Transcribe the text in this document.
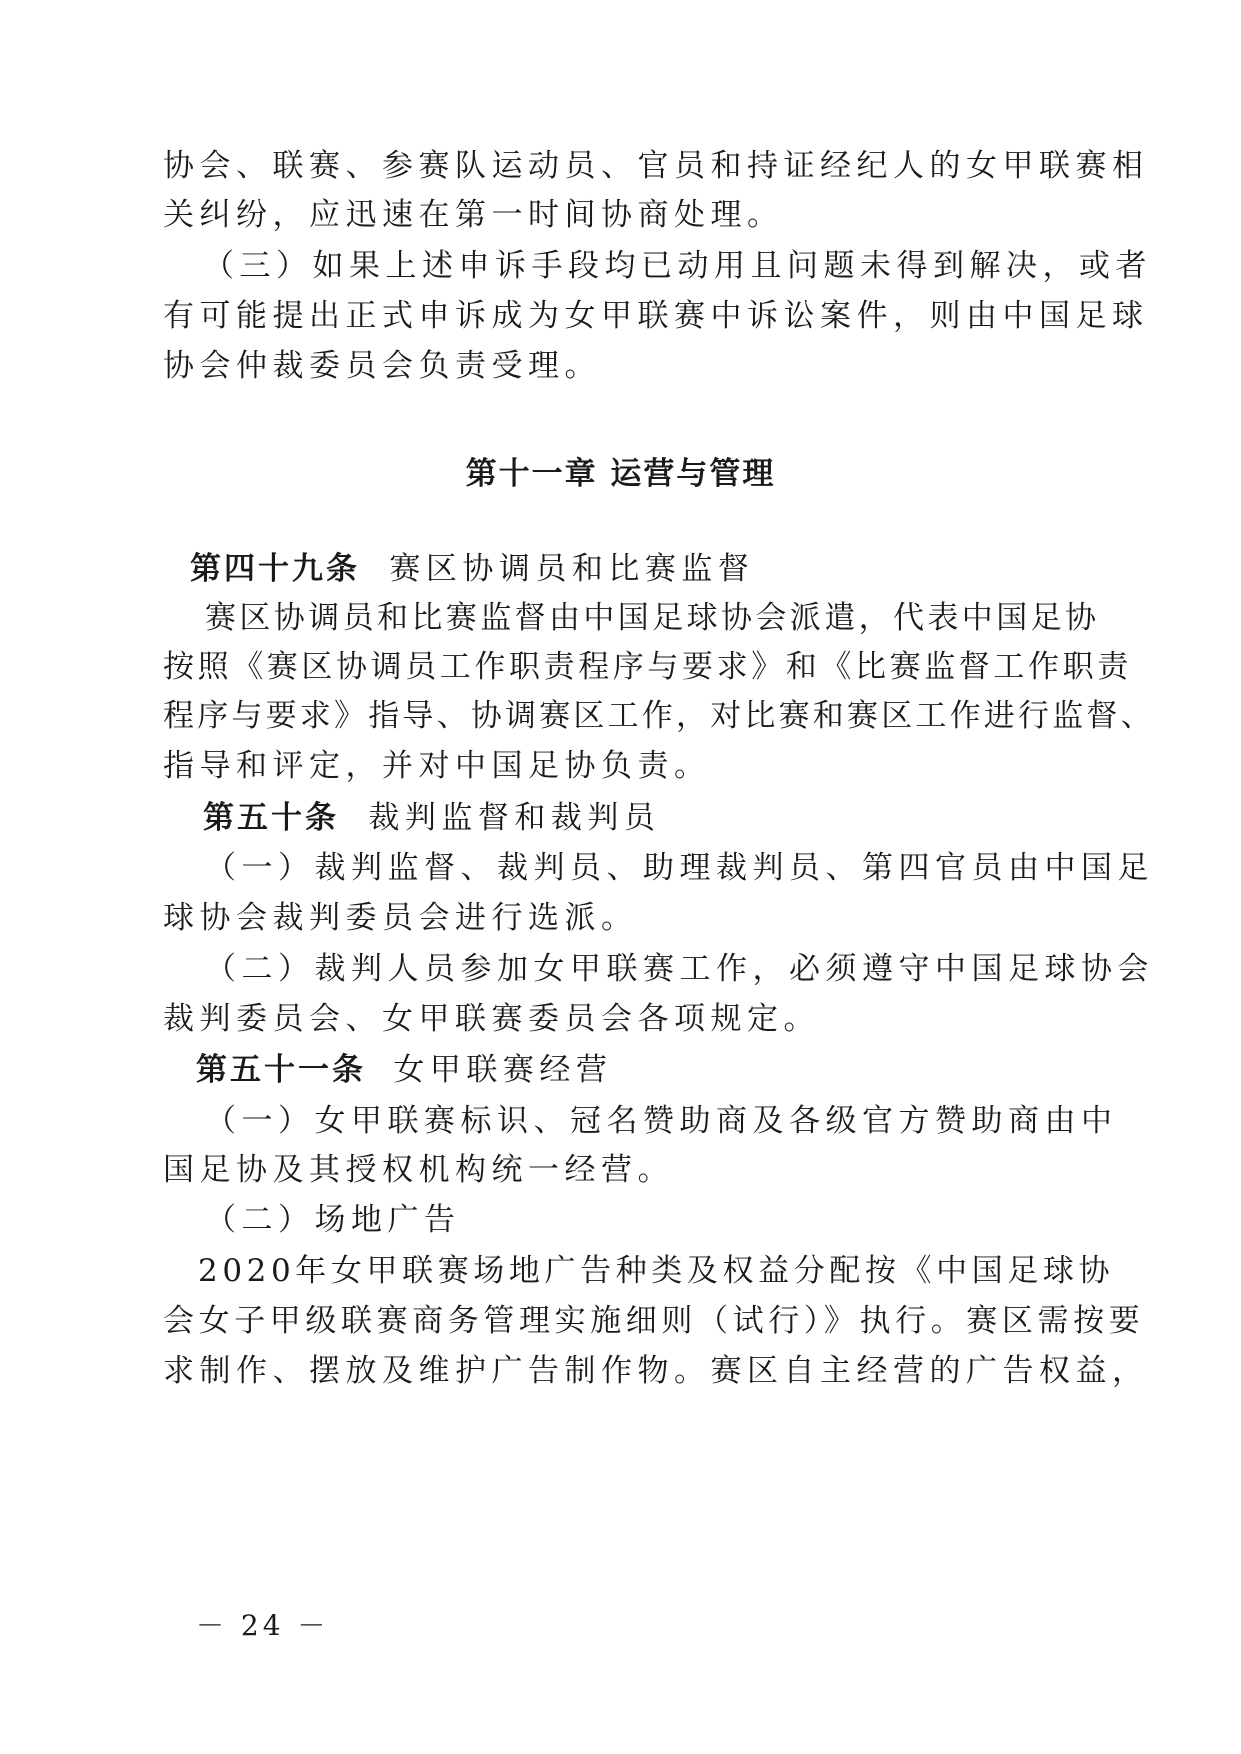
协会、联赛、参赛队运动员、官员和持证经纪人的女甲联赛相
关纠纷，应迅速在第一时间协商处理。
（三）如果上述申诉手段均已动用且问题未得到解决，或者
有可能提出正式申诉成为女甲联赛中诉讼案件，则由中国足球
协会仲裁委员会负责受理。
第十一章 运营与管理
第四十九条 赛区协调员和比赛监督
赛区协调员和比赛监督由中国足球协会派遣，代表中国足协
按照《赛区协调员工作职责程序与要求》和《比赛监督工作职责
程序与要求》指导、协调赛区工作，对比赛和赛区工作进行监督、
指导和评定，并对中国足协负责。
第五十条 裁判监督和裁判员
（一）裁判监督、裁判员、助理裁判员、第四官员由中国足
球协会裁判委员会进行选派。
（二）裁判人员参加女甲联赛工作，必须遵守中国足球协会
裁判委员会、女甲联赛委员会各项规定。
第五十一条 女甲联赛经营
（一）女甲联赛标识、冠名赞助商及各级官方赞助商由中
国足协及其授权机构统一经营。
（二）场地广告
2020年女甲联赛场地广告种类及权益分配按《中国足球协
会女子甲级联赛商务管理实施细则（试行）》执行。赛区需按要
求制作、摆放及维护广告制作物。赛区自主经营的广告权益，
－ 24 －
